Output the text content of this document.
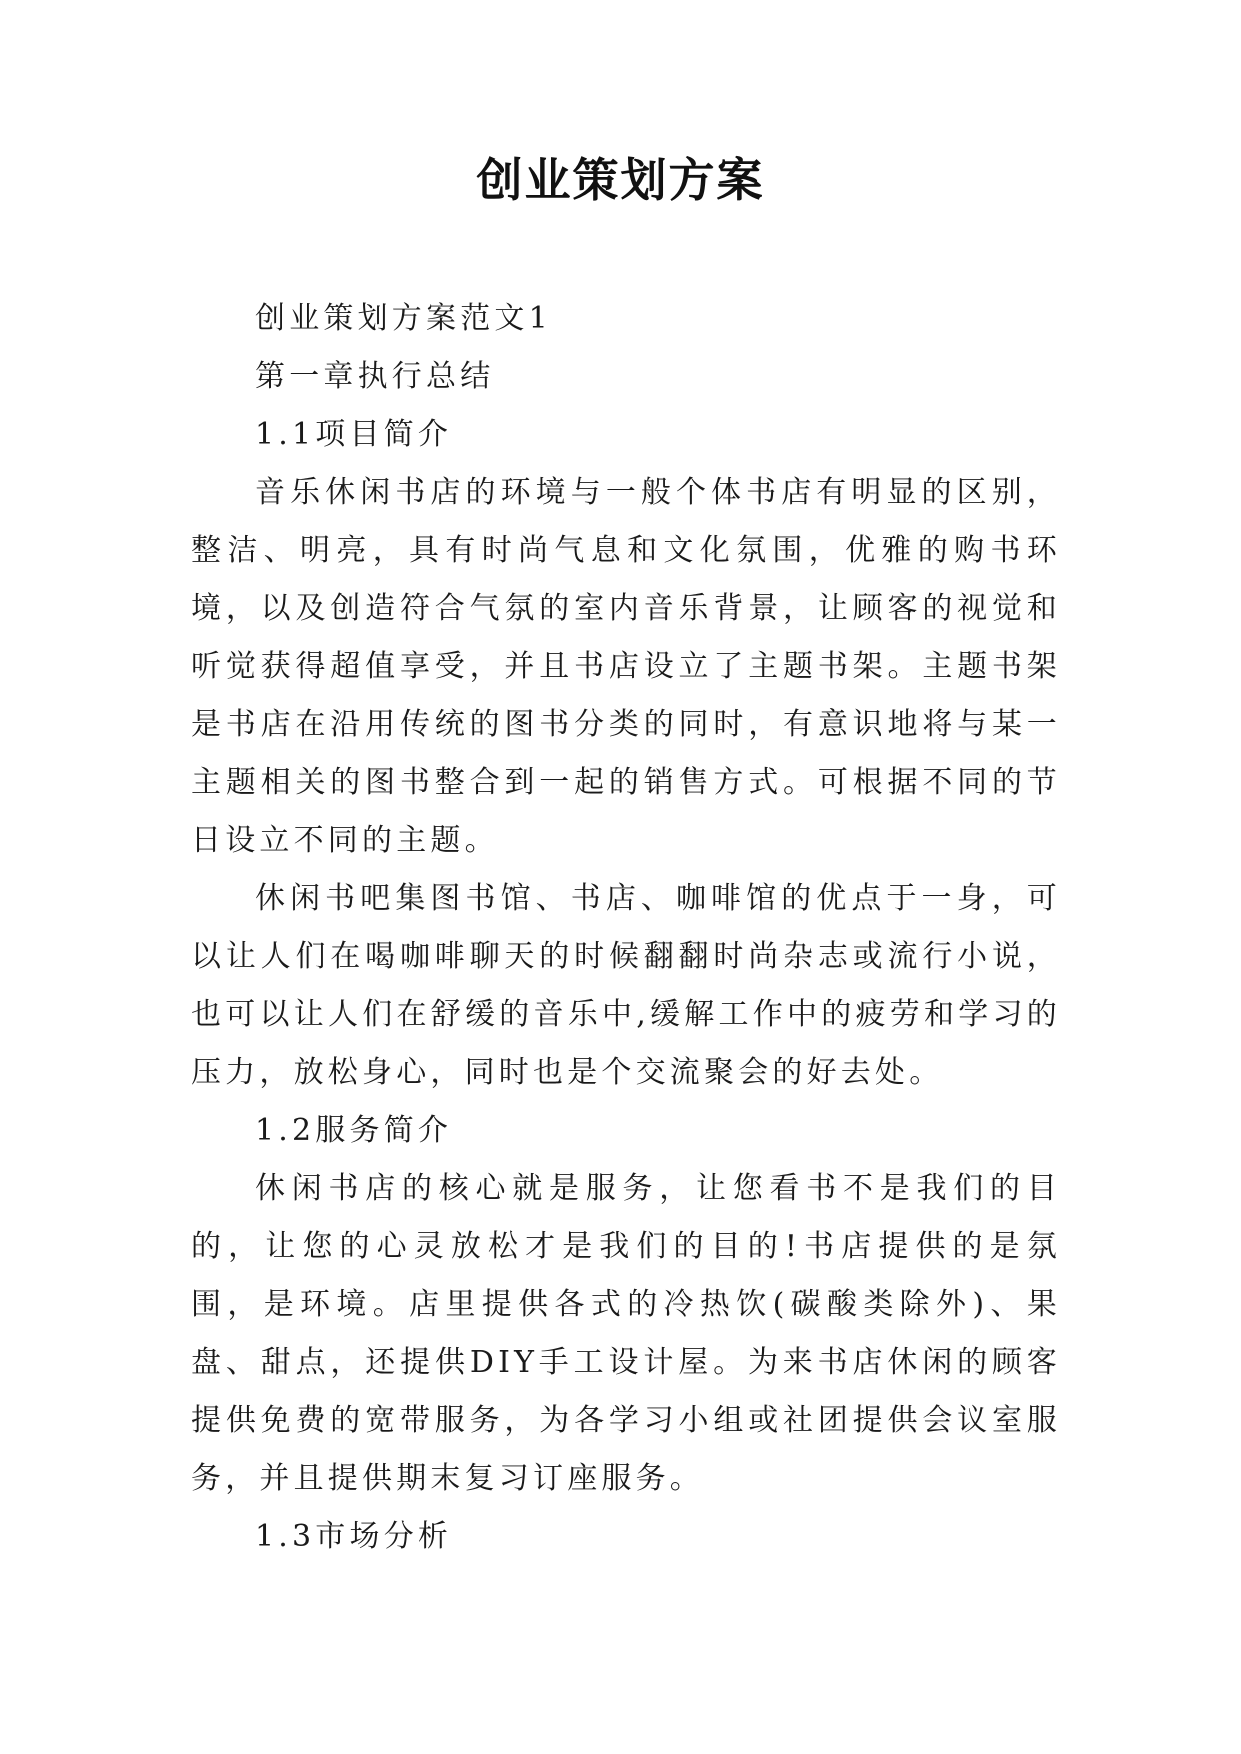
创业策划方案

创业策划方案范文1

第一章执行总结

1.1项目简介

音乐休闲书店的环境与一般个体书店有明显的区别，整洁、明亮，具有时尚气息和文化氛围，优雅的购书环境，以及创造符合气氛的室内音乐背景，让顾客的视觉和听觉获得超值享受，并且书店设立了主题书架。主题书架是书店在沿用传统的图书分类的同时，有意识地将与某一主题相关的图书整合到一起的销售方式。可根据不同的节日设立不同的主题。

休闲书吧集图书馆、书店、咖啡馆的优点于一身，可以让人们在喝咖啡聊天的时候翻翻时尚杂志或流行小说，也可以让人们在舒缓的音乐中,缓解工作中的疲劳和学习的压力，放松身心，同时也是个交流聚会的好去处。

1.2服务简介

休闲书店的核心就是服务，让您看书不是我们的目的，让您的心灵放松才是我们的目的!书店提供的是氛围，是环境。店里提供各式的冷热饮(碳酸类除外)、果盘、甜点，还提供DIY手工设计屋。为来书店休闲的顾客提供免费的宽带服务，为各学习小组或社团提供会议室服务，并且提供期末复习订座服务。

1.3市场分析
